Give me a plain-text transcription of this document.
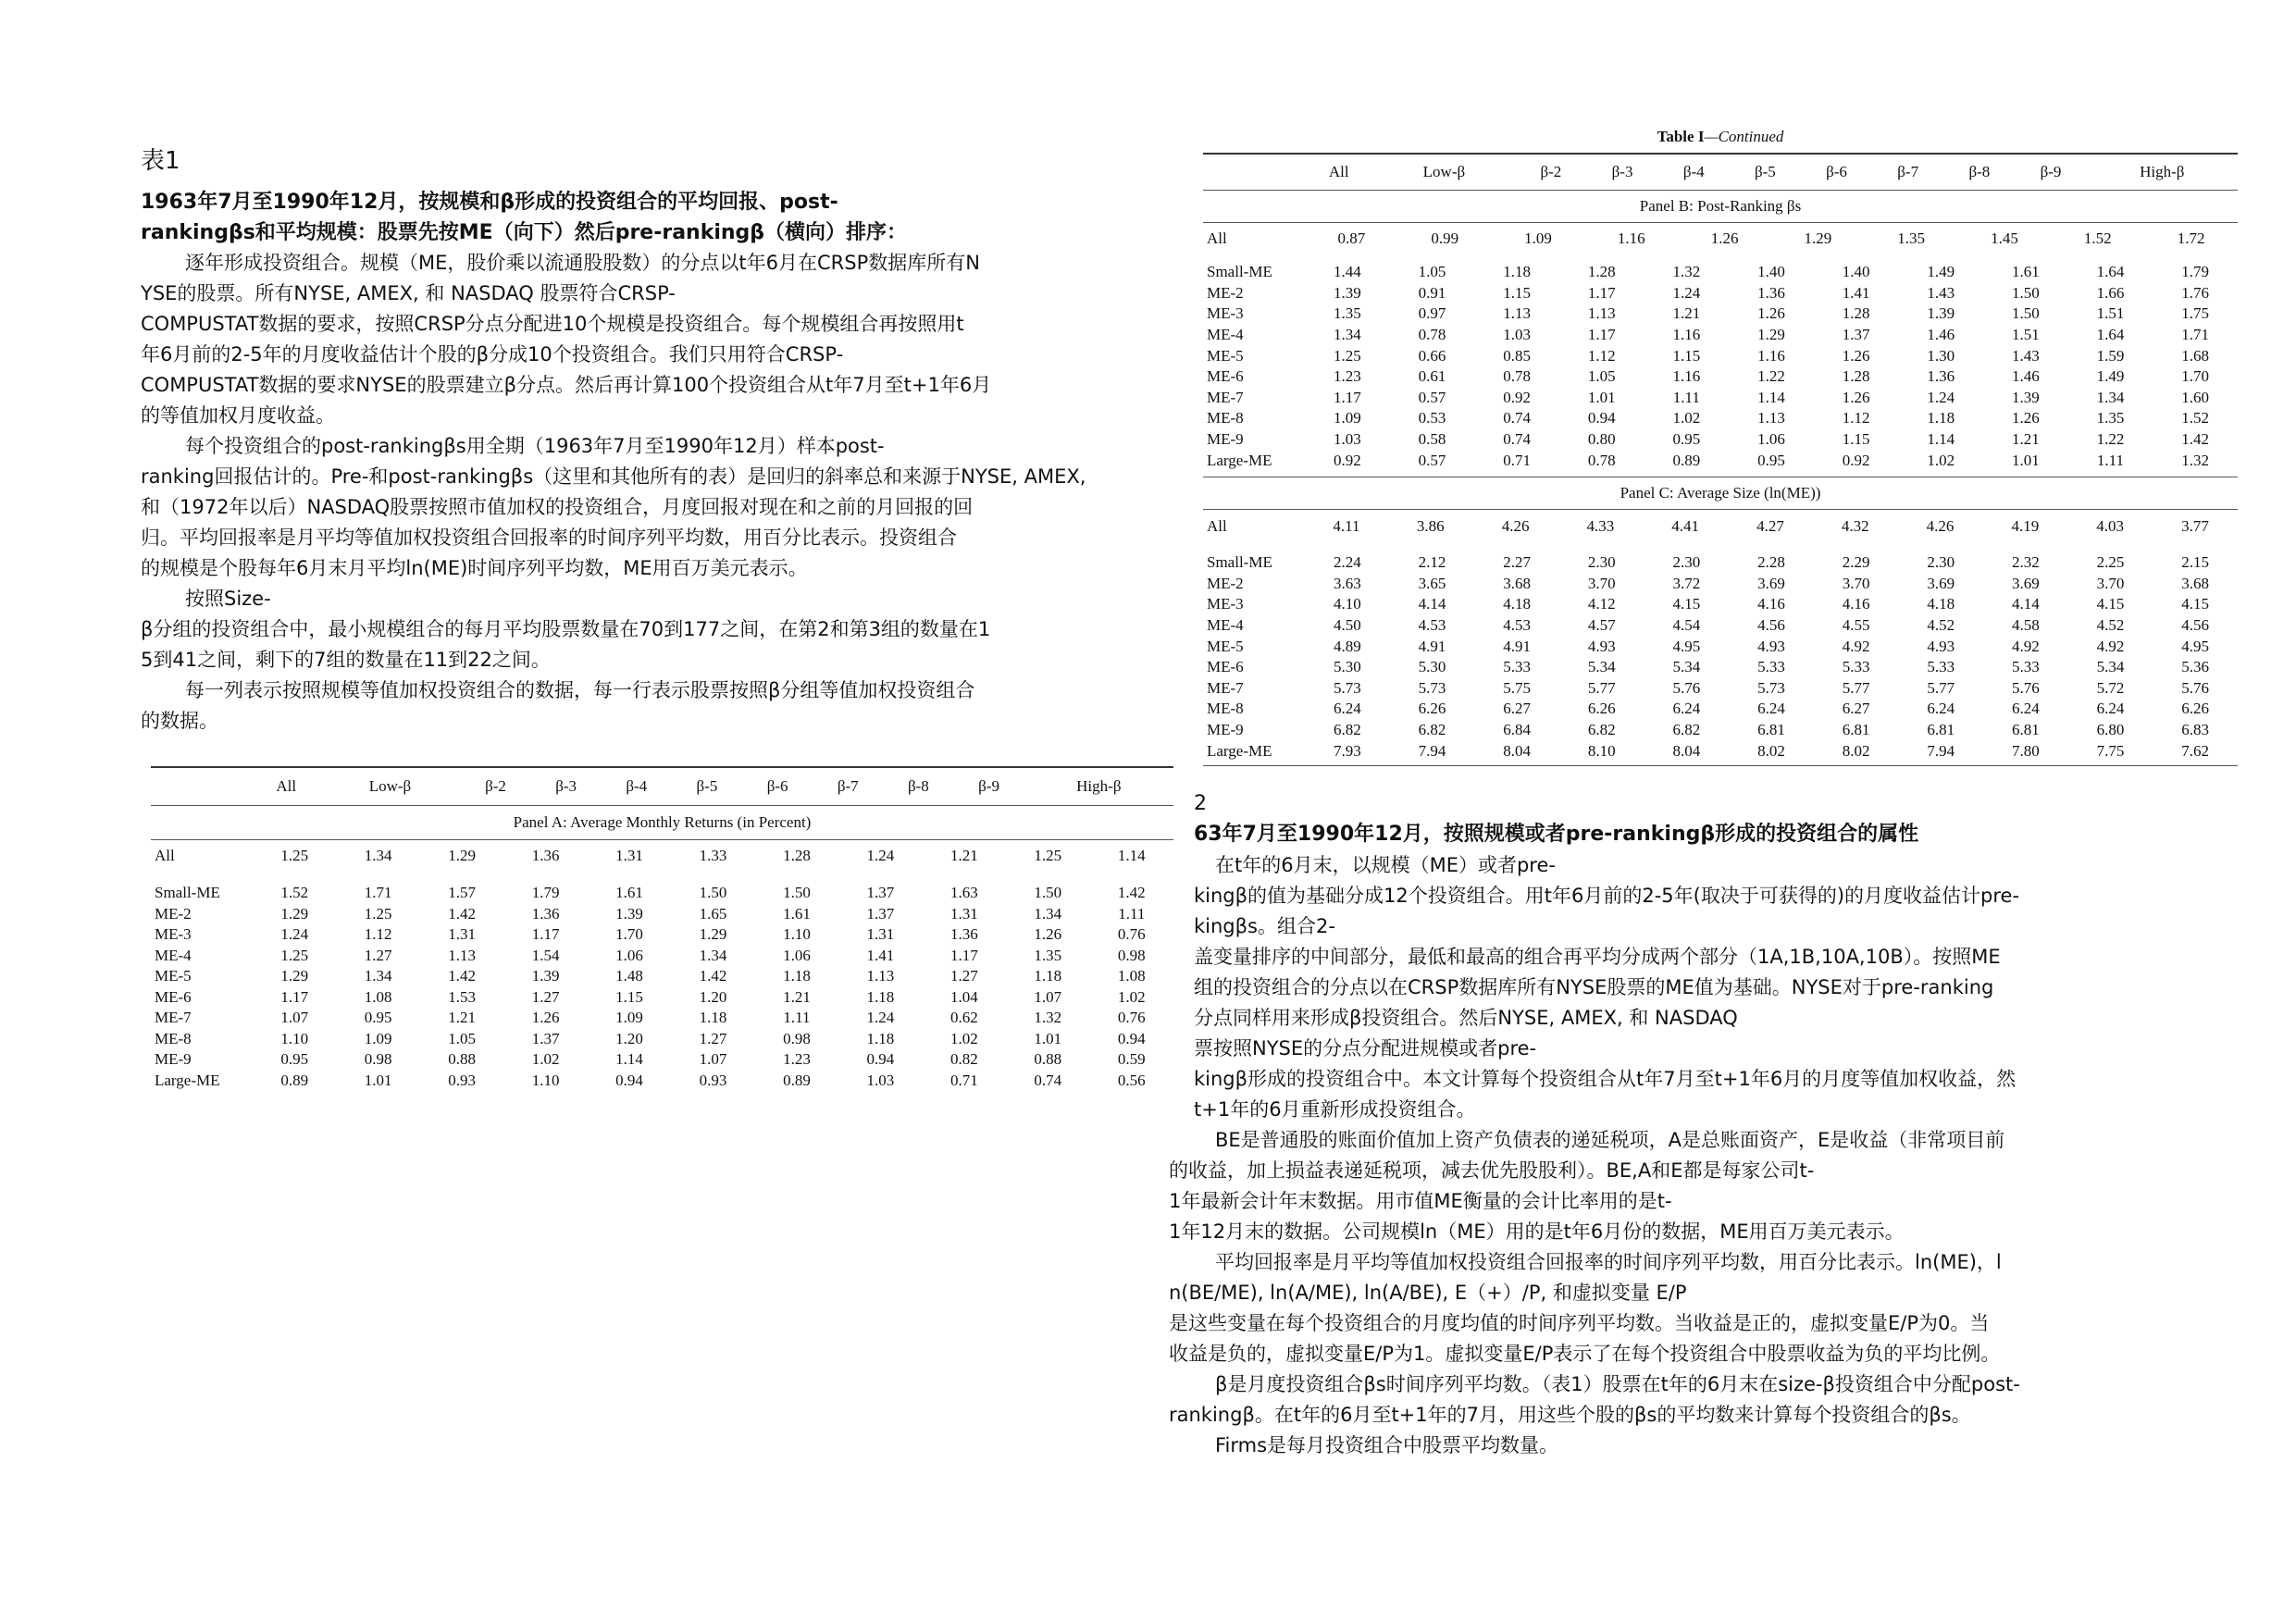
表1
1963年7月至1990年12月，按规模和β形成的投资组合的平均回报、post-
rankingβs和平均规模：股票先按ME（向下）然后pre-rankingβ（横向）排序：
逐年形成投资组合。规模（ME，股价乘以流通股股数）的分点以t年6月在CRSP数据库所有N
YSE的股票。所有NYSE, AMEX, 和 NASDAQ 股票符合CRSP-
COMPUSTAT数据的要求，按照CRSP分点分配进10个规模是投资组合。每个规模组合再按照用t
年6月前的2-5年的月度收益估计个股的β分成10个投资组合。我们只用符合CRSP-
COMPUSTAT数据的要求NYSE的股票建立β分点。然后再计算100个投资组合从t年7月至t+1年6月
的等值加权月度收益。
每个投资组合的post-rankingβs用全期（1963年7月至1990年12月）样本post-
ranking回报估计的。Pre-和post-rankingβs（这里和其他所有的表）是回归的斜率总和来源于NYSE, AMEX,
和（1972年以后）NASDAQ股票按照市值加权的投资组合，月度回报对现在和之前的月回报的回
归。平均回报率是月平均等值加权投资组合回报率的时间序列平均数，用百分比表示。投资组合
的规模是个股每年6月末月平均ln(ME)时间序列平均数，ME用百万美元表示。
按照Size-
β分组的投资组合中，最小规模组合的每月平均股票数量在70到177之间，在第2和第3组的数量在1
5到41之间，剩下的7组的数量在11到22之间。
每一列表示按照规模等值加权投资组合的数据，每一行表示股票按照β分组等值加权投资组合
的数据。
	All	Low-β	β-2	β-3	β-4	β-5	β-6	β-7	β-8	β-9	High-β
Panel A: Average Monthly Returns (in Percent)
All	1.25	1.34	1.29	1.36	1.31	1.33	1.28	1.24	1.21	1.25	1.14
Small-ME	1.52	1.71	1.57	1.79	1.61	1.50	1.50	1.37	1.63	1.50	1.42
ME-2	1.29	1.25	1.42	1.36	1.39	1.65	1.61	1.37	1.31	1.34	1.11
ME-3	1.24	1.12	1.31	1.17	1.70	1.29	1.10	1.31	1.36	1.26	0.76
ME-4	1.25	1.27	1.13	1.54	1.06	1.34	1.06	1.41	1.17	1.35	0.98
ME-5	1.29	1.34	1.42	1.39	1.48	1.42	1.18	1.13	1.27	1.18	1.08
ME-6	1.17	1.08	1.53	1.27	1.15	1.20	1.21	1.18	1.04	1.07	1.02
ME-7	1.07	0.95	1.21	1.26	1.09	1.18	1.11	1.24	0.62	1.32	0.76
ME-8	1.10	1.09	1.05	1.37	1.20	1.27	0.98	1.18	1.02	1.01	0.94
ME-9	0.95	0.98	0.88	1.02	1.14	1.07	1.23	0.94	0.82	0.88	0.59
Large-ME	0.89	1.01	0.93	1.10	0.94	0.93	0.89	1.03	0.71	0.74	0.56
Table I—Continued
	All	Low-β	β-2	β-3	β-4	β-5	β-6	β-7	β-8	β-9	High-β
Panel B: Post-Ranking βs
All		0.87	0.99	1.09	1.16	1.26	1.29	1.35	1.45	1.52	1.72
Small-ME	1.44	1.05	1.18	1.28	1.32	1.40	1.40	1.49	1.61	1.64	1.79
ME-2	1.39	0.91	1.15	1.17	1.24	1.36	1.41	1.43	1.50	1.66	1.76
ME-3	1.35	0.97	1.13	1.13	1.21	1.26	1.28	1.39	1.50	1.51	1.75
ME-4	1.34	0.78	1.03	1.17	1.16	1.29	1.37	1.46	1.51	1.64	1.71
ME-5	1.25	0.66	0.85	1.12	1.15	1.16	1.26	1.30	1.43	1.59	1.68
ME-6	1.23	0.61	0.78	1.05	1.16	1.22	1.28	1.36	1.46	1.49	1.70
ME-7	1.17	0.57	0.92	1.01	1.11	1.14	1.26	1.24	1.39	1.34	1.60
ME-8	1.09	0.53	0.74	0.94	1.02	1.13	1.12	1.18	1.26	1.35	1.52
ME-9	1.03	0.58	0.74	0.80	0.95	1.06	1.15	1.14	1.21	1.22	1.42
Large-ME	0.92	0.57	0.71	0.78	0.89	0.95	0.92	1.02	1.01	1.11	1.32
Panel C: Average Size (ln(ME))
All	4.11	3.86	4.26	4.33	4.41	4.27	4.32	4.26	4.19	4.03	3.77
Small-ME	2.24	2.12	2.27	2.30	2.30	2.28	2.29	2.30	2.32	2.25	2.15
ME-2	3.63	3.65	3.68	3.70	3.72	3.69	3.70	3.69	3.69	3.70	3.68
ME-3	4.10	4.14	4.18	4.12	4.15	4.16	4.16	4.18	4.14	4.15	4.15
ME-4	4.50	4.53	4.53	4.57	4.54	4.56	4.55	4.52	4.58	4.52	4.56
ME-5	4.89	4.91	4.91	4.93	4.95	4.93	4.92	4.93	4.92	4.92	4.95
ME-6	5.30	5.30	5.33	5.34	5.34	5.33	5.33	5.33	5.33	5.34	5.36
ME-7	5.73	5.73	5.75	5.77	5.76	5.73	5.77	5.77	5.76	5.72	5.76
ME-8	6.24	6.26	6.27	6.26	6.24	6.24	6.27	6.24	6.24	6.24	6.26
ME-9	6.82	6.82	6.84	6.82	6.82	6.81	6.81	6.81	6.81	6.80	6.83
Large-ME	7.93	7.94	8.04	8.10	8.04	8.02	8.02	7.94	7.80	7.75	7.62
2
63年7月至1990年12月，按照规模或者pre-rankingβ形成的投资组合的属性
在t年的6月末，以规模（ME）或者pre-
kingβ的值为基础分成12个投资组合。用t年6月前的2-5年(取决于可获得的)的月度收益估计pre-
kingβs。组合2-
盖变量排序的中间部分，最低和最高的组合再平均分成两个部分（1A,1B,10A,10B）。按照ME
组的投资组合的分点以在CRSP数据库所有NYSE股票的ME值为基础。NYSE对于pre-ranking
分点同样用来形成β投资组合。然后NYSE, AMEX, 和 NASDAQ
票按照NYSE的分点分配进规模或者pre-
kingβ形成的投资组合中。本文计算每个投资组合从t年7月至t+1年6月的月度等值加权收益，然
t+1年的6月重新形成投资组合。
BE是普通股的账面价值加上资产负债表的递延税项，A是总账面资产，E是收益（非常项目前
的收益，加上损益表递延税项，减去优先股股利）。BE,A和E都是每家公司t-
1年最新会计年末数据。用市值ME衡量的会计比率用的是t-
1年12月末的数据。公司规模ln（ME）用的是t年6月份的数据，ME用百万美元表示。
平均回报率是月平均等值加权投资组合回报率的时间序列平均数，用百分比表示。ln(ME)，l
n(BE/ME), ln(A/ME), ln(A/BE), E（+）/P, 和虚拟变量 E/P
是这些变量在每个投资组合的月度均值的时间序列平均数。当收益是正的，虚拟变量E/P为0。当
收益是负的，虚拟变量E/P为1。虚拟变量E/P表示了在每个投资组合中股票收益为负的平均比例。
β是月度投资组合βs时间序列平均数。（表1）股票在t年的6月末在size-β投资组合中分配post-
rankingβ。在t年的6月至t+1年的7月，用这些个股的βs的平均数来计算每个投资组合的βs。
Firms是每月投资组合中股票平均数量。
